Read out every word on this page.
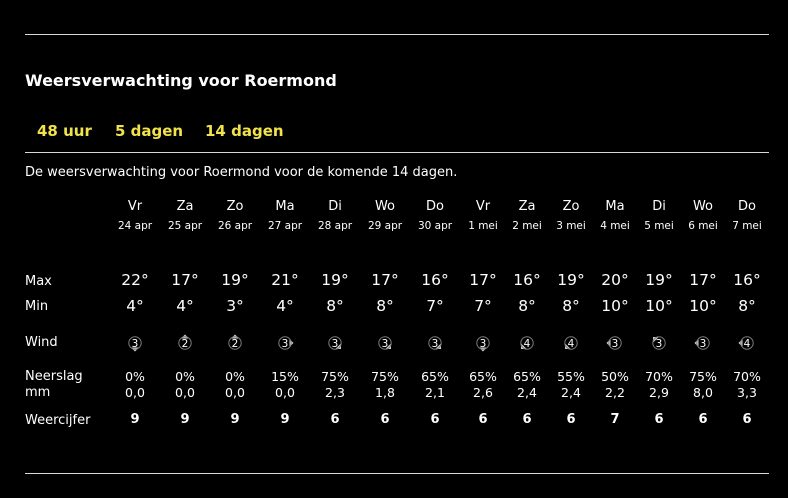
Weersverwachting voor Roermond
48 uur 5 dagen 14 dagen
De weersverwachting voor Roermond voor de komende 14 dagen.
Max
Min
Wind
Neerslag
mm
Weercijfer
Vr
24 apr
22°
4°
3
0%
0,0
9
Za
25 apr
17°
4°
2
0%
0,0
9
Zo
26 apr
19°
3°
2
0%
0,0
9
Ma
27 apr
21°
4°
3
15%
0,0
9
Di
28 apr
19°
8°
3
75%
2,3
6
Wo
29 apr
17°
8°
3
75%
1,8
6
Do
30 apr
16°
7°
3
65%
2,1
6
Vr
1 mei
17°
7°
3
65%
2,6
6
Za
2 mei
16°
8°
4
65%
2,4
6
Zo
3 mei
19°
8°
4
55%
2,4
6
Ma
4 mei
20°
10°
3
50%
2,2
7
Di
5 mei
19°
10°
3
70%
2,9
6
Wo
6 mei
17°
10°
3
75%
8,0
6
Do
7 mei
16°
8°
4
70%
3,3
6
